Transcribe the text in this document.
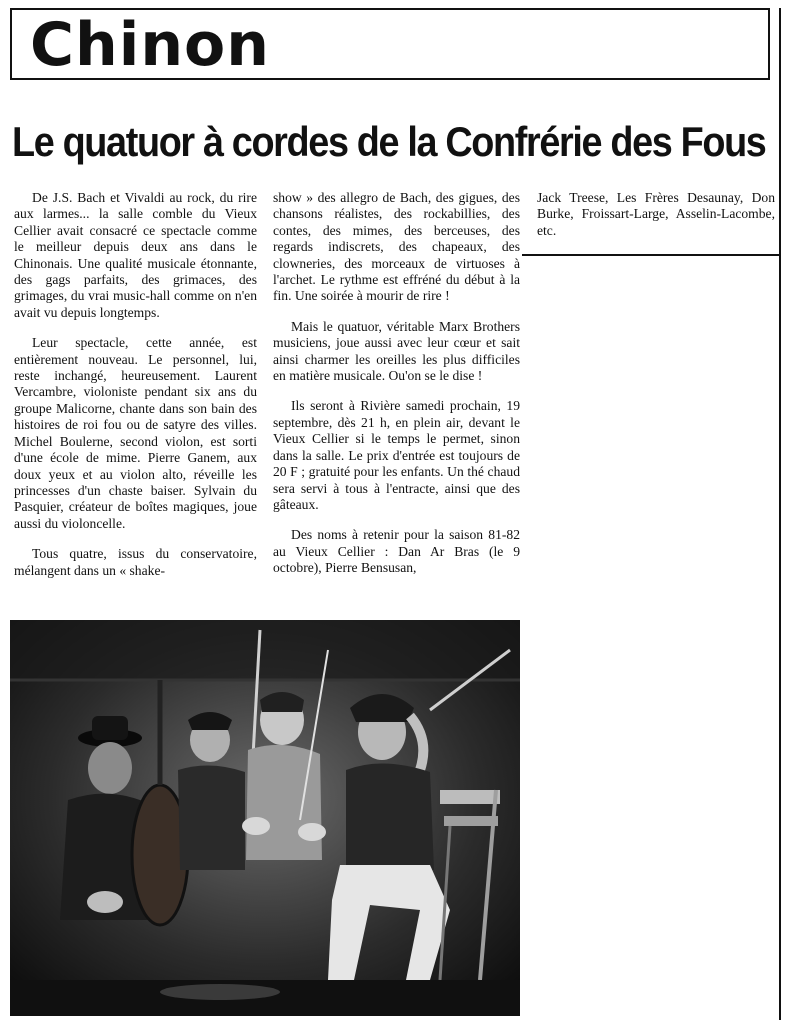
Chinon
Le quatuor à cordes de la Confrérie des Fous

De J.S. Bach et Vivaldi au rock, du rire aux larmes... la salle comble du Vieux Cellier avait consacré ce spectacle comme le meilleur depuis deux ans dans le Chinonais. Une qualité musicale étonnante, des gags parfaits, des grimaces, des grimages, du vrai music-hall comme on n'en avait vu depuis longtemps.

Leur spectacle, cette année, est entièrement nouveau. Le personnel, lui, reste inchangé, heureusement. Laurent Vercambre, violoniste pendant six ans du groupe Malicorne, chante dans son bain des histoires de roi fou ou de satyre des villes. Michel Boulerne, second violon, est sorti d'une école de mime. Pierre Ganem, aux doux yeux et au violon alto, réveille les princesses d'un chaste baiser. Sylvain du Pasquier, créateur de boîtes magiques, joue aussi du violoncelle.

Tous quatre, issus du conservatoire, mélangent dans un « shake-

show » des allegro de Bach, des gigues, des chansons réalistes, des rockabillies, des contes, des mimes, des berceuses, des regards indiscrets, des chapeaux, des clowneries, des morceaux de virtuoses à l'archet. Le rythme est effréné du début à la fin. Une soirée à mourir de rire !

Mais le quatuor, véritable Marx Brothers musiciens, joue aussi avec leur cœur et sait ainsi charmer les oreilles les plus difficiles en matière musicale. Ou'on se le dise !

Ils seront à Rivière samedi prochain, 19 septembre, dès 21 h, en plein air, devant le Vieux Cellier si le temps le permet, sinon dans la salle. Le prix d'entrée est toujours de 20 F ; gratuité pour les enfants. Un thé chaud sera servi à tous à l'entracte, ainsi que des gâteaux.

Des noms à retenir pour la saison 81-82 au Vieux Cellier : Dan Ar Bras (le 9 octobre), Pierre Bensusan,

Jack Treese, Les Frères Desaunay, Don Burke, Froissart-Large, Asselin-Lacombe, etc.
